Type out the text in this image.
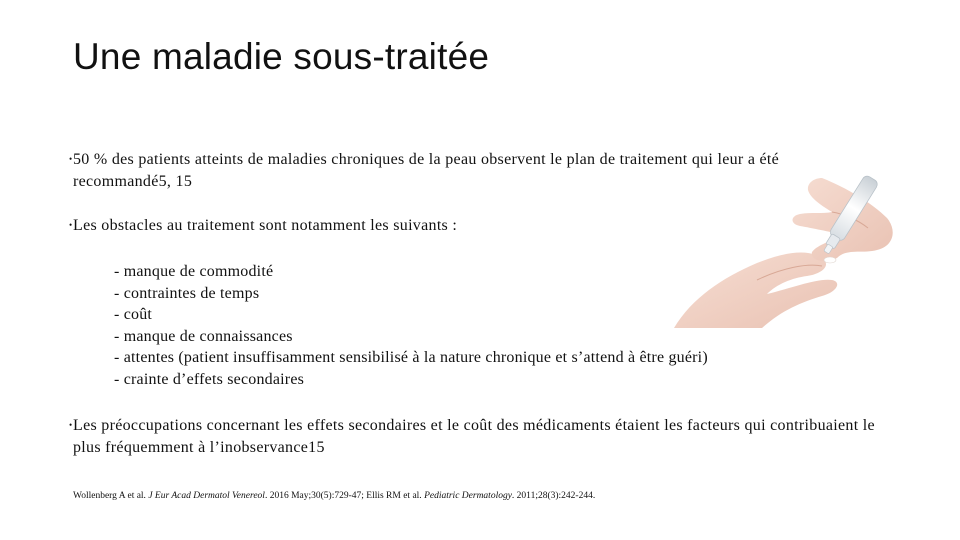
Une maladie sous-traitée
• 50 % des patients atteints de maladies chroniques de la peau observent le plan de traitement qui leur a été recommandé5, 15
• Les obstacles au traitement sont notamment les suivants :
- manque de commodité
- contraintes de temps
- coût
- manque de connaissances
- attentes (patient insuffisamment sensibilisé à la nature chronique et s’attend à être guéri)
- crainte d’effets secondaires
• Les préoccupations concernant les effets secondaires et le coût des médicaments étaient les facteurs qui contribuaient le plus fréquemment à l’inobservance15
Wollenberg A et al. J Eur Acad Dermatol Venereol. 2016 May;30(5):729-47; Ellis RM et al. Pediatric Dermatology. 2011;28(3):242-244.
